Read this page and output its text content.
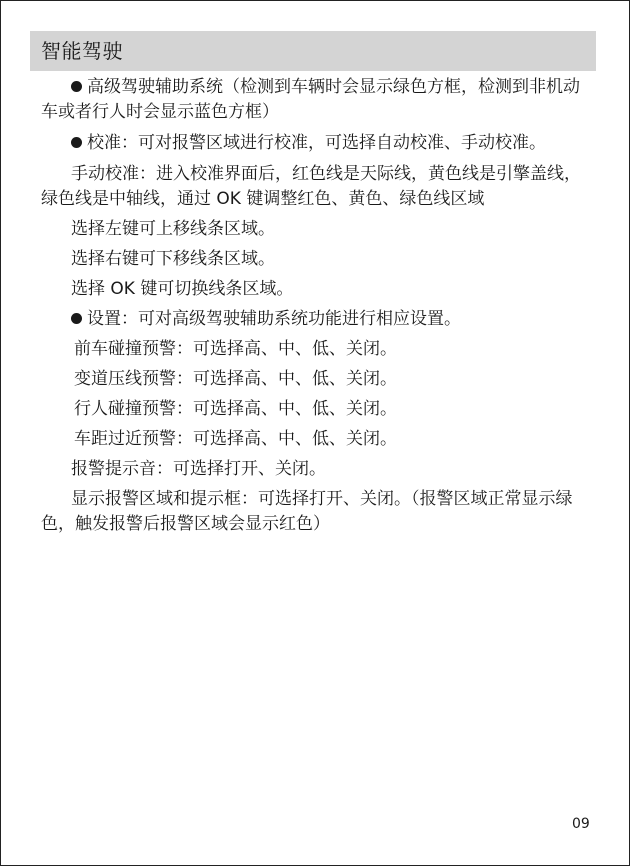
智能驾驶

高级驾驶辅助系统（检测到车辆时会显示绿色方框，检测到非机动车或者行人时会显示蓝色方框）

校准：可对报警区域进行校准，可选择自动校准、手动校准。

手动校准：进入校准界面后，红色线是天际线，黄色线是引擎盖线，绿色线是中轴线，通过 OK 键调整红色、黄色、绿色线区域

选择左键可上移线条区域。

选择右键可下移线条区域。

选择 OK 键可切换线条区域。

设置：可对高级驾驶辅助系统功能进行相应设置。

前车碰撞预警：可选择高、中、低、关闭。

变道压线预警：可选择高、中、低、关闭。

行人碰撞预警：可选择高、中、低、关闭。

车距过近预警：可选择高、中、低、关闭。

报警提示音：可选择打开、关闭。

显示报警区域和提示框：可选择打开、关闭。（报警区域正常显示绿色，触发报警后报警区域会显示红色）

09
